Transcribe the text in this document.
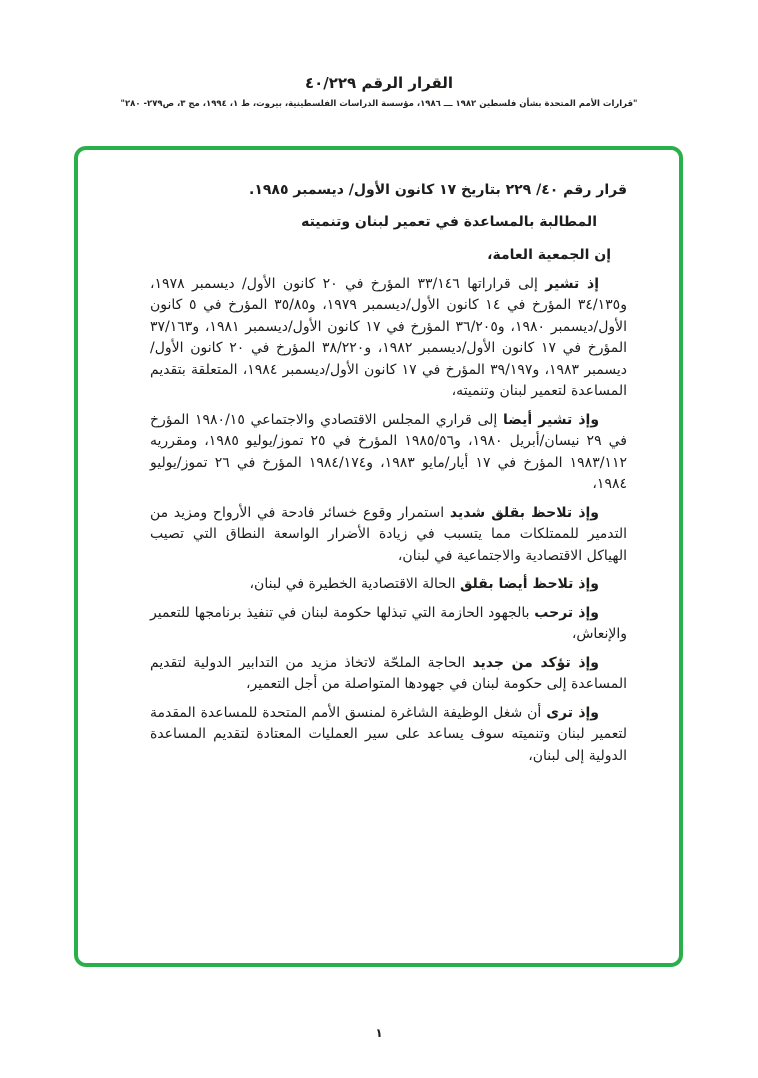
القرار الرقم ٤٠/٢٢٩
"قرارات الأمم المتحدة بشأن فلسطين ١٩٨٢ ـــ ١٩٨٦، مؤسسة الدراسات الفلسطينية، بيروت، ط ١، ١٩٩٤، مج ٣، ص٢٧٩- ٢٨٠"

قرار رقم ٤٠/ ٢٢٩ بتاريخ ١٧ كانون الأول/ ديسمبر ١٩٨٥.

المطالبة بالمساعدة في تعمير لبنان وتنميته

إن الجمعية العامة،

إذ تشير إلى قراراتها ٣٣/١٤٦ المؤرخ في ٢٠ كانون الأول/ ديسمبر ١٩٧٨، و٣٤/١٣٥ المؤرخ في ١٤ كانون الأول/ديسمبر ١٩٧٩، و٣٥/٨٥ المؤرخ في ٥ كانون الأول/ديسمبر ١٩٨٠، و٣٦/٢٠٥ المؤرخ في ١٧ كانون الأول/ديسمبر ١٩٨١، و٣٧/١٦٣ المؤرخ في ١٧ كانون الأول/ديسمبر ١٩٨٢، و٣٨/٢٢٠ المؤرخ في ٢٠ كانون الأول/ديسمبر ١٩٨٣، و٣٩/١٩٧ المؤرخ في ١٧ كانون الأول/ديسمبر ١٩٨٤، المتعلقة بتقديم المساعدة لتعمير لبنان وتنميته،

وإذ تشير أيضا إلى قراري المجلس الاقتصادي والاجتماعي ١٩٨٠/١٥ المؤرخ في ٢٩ نيسان/أبريل ١٩٨٠، و١٩٨٥/٥٦ المؤرخ في ٢٥ تموز/يوليو ١٩٨٥، ومقرريه ١٩٨٣/١١٢ المؤرخ في ١٧ أيار/مايو ١٩٨٣، و١٩٨٤/١٧٤ المؤرخ في ٢٦ تموز/يوليو ١٩٨٤،

وإذ تلاحظ بقلق شديد استمرار وقوع خسائر فادحة في الأرواح ومزيد من التدمير للممتلكات مما يتسبب في زيادة الأضرار الواسعة النطاق التي تصيب الهياكل الاقتصادية والاجتماعية في لبنان،

وإذ تلاحظ أيضا بقلق الحالة الاقتصادية الخطيرة في لبنان،

وإذ ترحب بالجهود الحازمة التي تبذلها حكومة لبنان في تنفيذ برنامجها للتعمير والإنعاش،

وإذ تؤكد من جديد الحاجة الملحّة لاتخاذ مزيد من التدابير الدولية لتقديم المساعدة إلى حكومة لبنان في جهودها المتواصلة من أجل التعمير،

وإذ ترى أن شغل الوظيفة الشاغرة لمنسق الأمم المتحدة للمساعدة المقدمة لتعمير لبنان وتنميته سوف يساعد على سير العمليات المعتادة لتقديم المساعدة الدولية إلى لبنان،

١
